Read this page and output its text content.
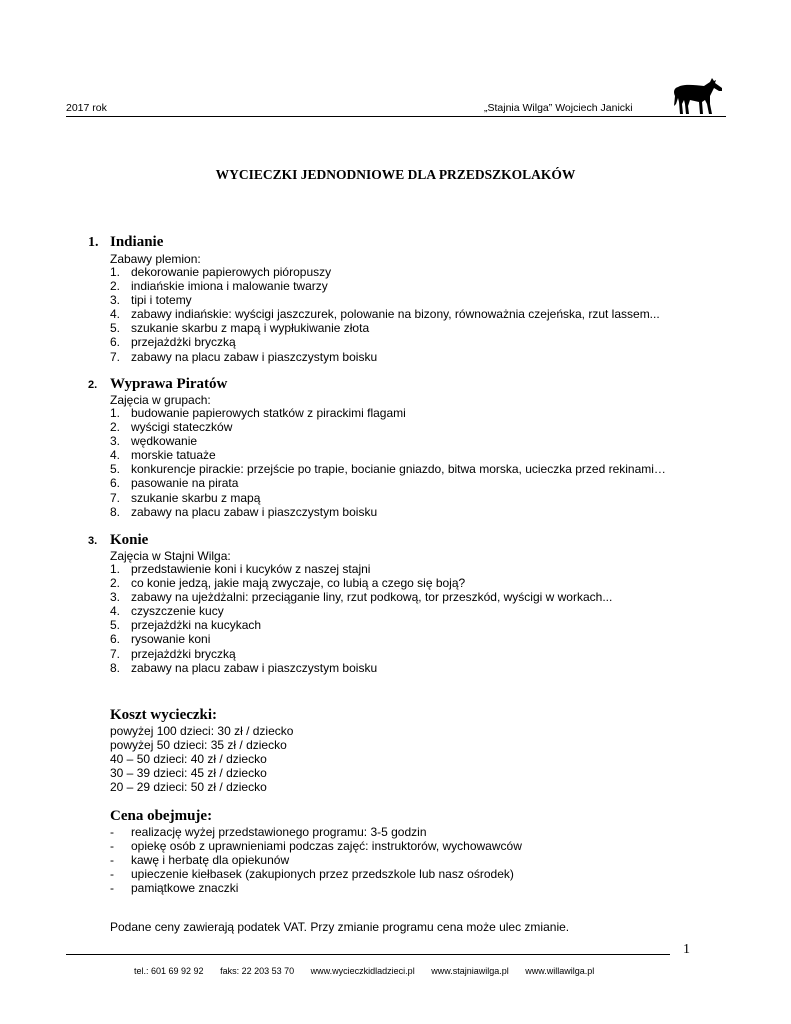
2017 rok	„Stajnia Wilga” Wojciech Janicki
WYCIECZKI JEDNODNIOWE DLA PRZEDSZKOLAKÓW
1. Indianie
Zabawy plemion:
1. dekorowanie papierowych pióropuszy
2. indiańskie imiona i malowanie twarzy
3. tipi i totemy
4. zabawy indiańskie: wyścigi jaszczurek, polowanie na bizony, równoważnia czejeńska, rzut lassem...
5. szukanie skarbu z mapą i wypłukiwanie złota
6. przejażdżki bryczką
7. zabawy na placu zabaw i piaszczystym boisku
2. Wyprawa Piratów
Zajęcia w grupach:
1. budowanie papierowych statków z pirackimi flagami
2. wyścigi stateczków
3. wędkowanie
4. morskie tatuaże
5. konkurencje pirackie: przejście po trapie, bocianie gniazdo, bitwa morska, ucieczka przed rekinami…
6. pasowanie na pirata
7. szukanie skarbu z mapą
8. zabawy na placu zabaw i piaszczystym boisku
3. Konie
Zajęcia w Stajni Wilga:
1. przedstawienie koni i kucyków z naszej stajni
2. co konie jedzą, jakie mają zwyczaje, co lubią a czego się boją?
3. zabawy na ujeżdżalni: przeciąganie liny, rzut podkową, tor przeszkód, wyścigi w workach...
4. czyszczenie kucy
5. przejażdżki na kucykach
6. rysowanie koni
7. przejażdżki bryczką
8. zabawy na placu zabaw i piaszczystym boisku
Koszt wycieczki:
powyżej 100 dzieci: 30 zł / dziecko
powyżej 50 dzieci: 35 zł / dziecko
40 – 50 dzieci: 40 zł / dziecko
30 – 39 dzieci: 45 zł / dziecko
20 – 29 dzieci: 50 zł / dziecko
Cena obejmuje:
- realizację wyżej przedstawionego programu: 3-5 godzin
- opiekę osób z uprawnieniami podczas zajęć: instruktorów, wychowawców
- kawę i herbatę dla opiekunów
- upieczenie kiełbasek (zakupionych przez przedszkole lub nasz ośrodek)
- pamiątkowe znaczki
Podane ceny zawierają podatek VAT. Przy zmianie programu cena może ulec zmianie.
1
tel.: 601 69 92 92 faks: 22 203 53 70 www.wycieczkidladzieci.pl www.stajniawilga.pl www.willawilga.pl
